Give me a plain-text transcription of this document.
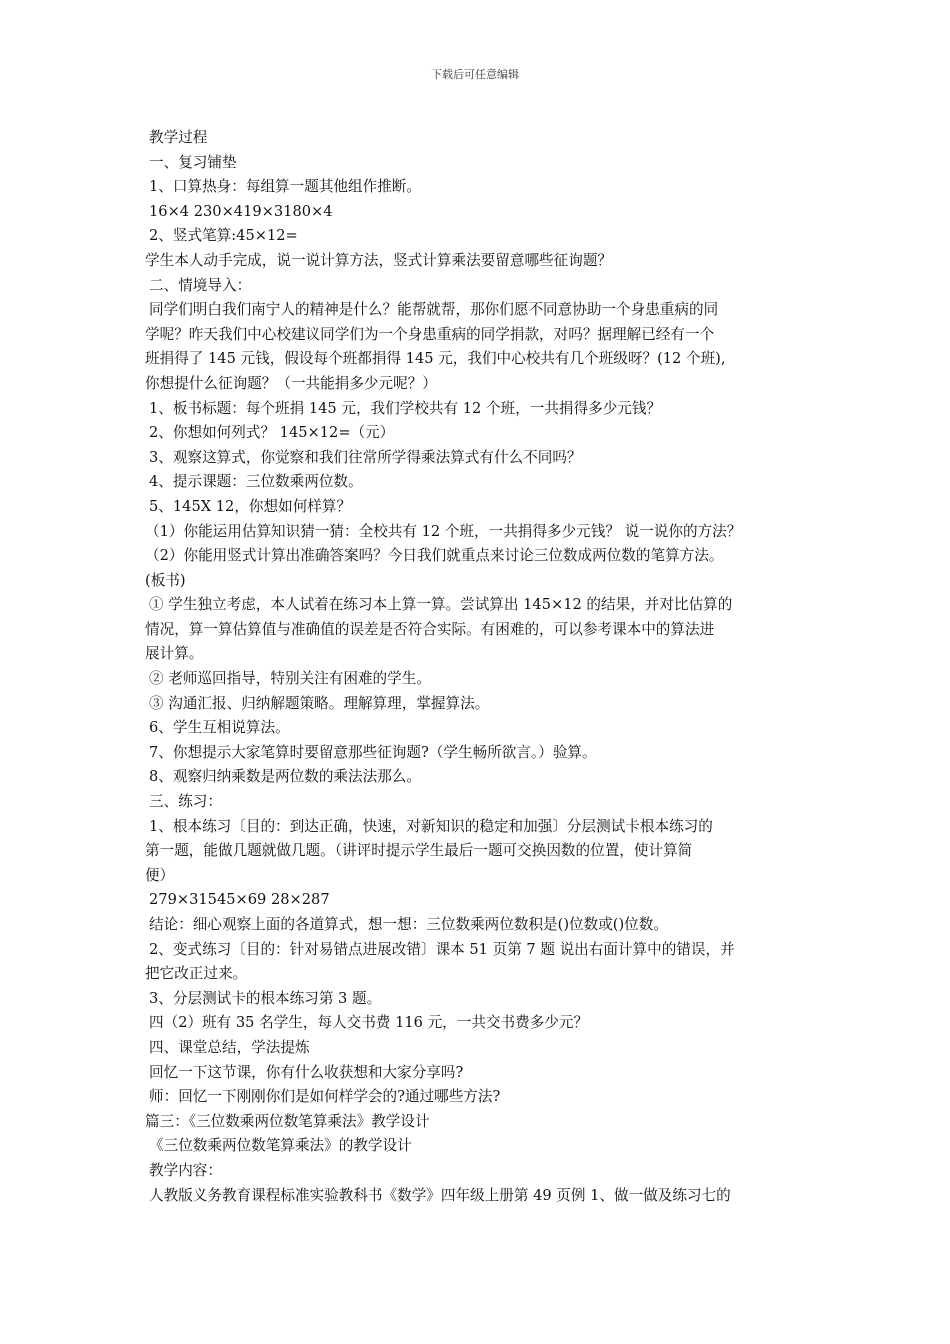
下载后可任意编辑
教学过程
一、复习铺垫
1、口算热身：每组算一题其他组作推断。
16×4 230×419×3180×4
2、竖式笔算:45×12=
学生本人动手完成，说一说计算方法，竖式计算乘法要留意哪些征询题？
二、情境导入：
同学们明白我们南宁人的精神是什么？能帮就帮，那你们愿不同意协助一个身患重病的同
学呢？昨天我们中心校建议同学们为一个身患重病的同学捐款，对吗？据理解已经有一个
班捐得了 145 元钱，假设每个班都捐得 145 元，我们中心校共有几个班级呀？(12 个班),
你想提什么征询题？（一共能捐多少元呢？）
1、板书标题：每个班捐 145 元，我们学校共有 12 个班，一共捐得多少元钱？
2、你想如何列式？ 145×12=（元）
3、观察这算式，你觉察和我们往常所学得乘法算式有什么不同吗？
4、提示课题：三位数乘两位数。
5、145X 12，你想如何样算？
（1）你能运用估算知识猜一猜：全校共有 12 个班，一共捐得多少元钱？ 说一说你的方法？
（2）你能用竖式计算出准确答案吗？今日我们就重点来讨论三位数成两位数的笔算方法。
(板书)
① 学生独立考虑，本人试着在练习本上算一算。尝试算出 145×12 的结果，并对比估算的
情况，算一算估算值与准确值的误差是否符合实际。有困难的，可以参考课本中的算法进
展计算。
② 老师巡回指导，特别关注有困难的学生。
③ 沟通汇报、归纳解题策略。理解算理，掌握算法。
6、学生互相说算法。
7、你想提示大家笔算时要留意那些征询题?（学生畅所欲言。）验算。
8、观察归纳乘数是两位数的乘法法那么。
三、练习：
1、根本练习〔目的：到达正确，快速，对新知识的稳定和加强〕分层测试卡根本练习的
第一题，能做几题就做几题。（讲评时提示学生最后一题可交换因数的位置，使计算简
便）
279×31545×69 28×287
结论：细心观察上面的各道算式，想一想：三位数乘两位数积是()位数或()位数。
2、变式练习〔目的：针对易错点进展改错〕课本 51 页第 7 题 说出右面计算中的错误，并
把它改正过来。
3、分层测试卡的根本练习第 3 题。
四（2）班有 35 名学生，每人交书费 116 元，一共交书费多少元？
四、课堂总结，学法提炼
回忆一下这节课，你有什么收获想和大家分享吗?
师：回忆一下刚刚你们是如何样学会的?通过哪些方法?
篇三：《三位数乘两位数笔算乘法》教学设计
《三位数乘两位数笔算乘法》的教学设计
教学内容：
人教版义务教育课程标准实验教科书《数学》四年级上册第 49 页例 1、做一做及练习七的
